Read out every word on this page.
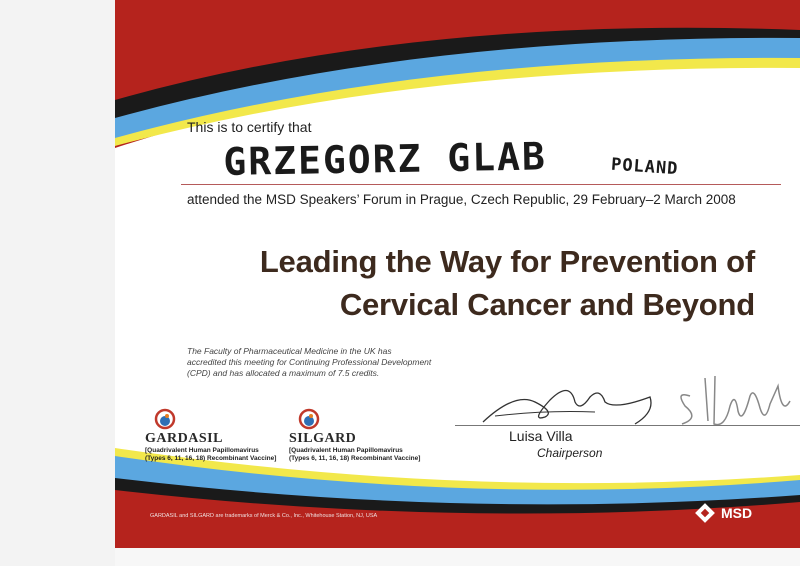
This is to certify that
GRZEGORZ GLAB	POLAND
attended the MSD Speakers’ Forum in Prague, Czech Republic, 29 February–2 March 2008
Leading the Way for Prevention of
Cervical Cancer and Beyond
The Faculty of Pharmaceutical Medicine in the UK has accredited this meeting for Continuing Professional Development (CPD) and has allocated a maximum of 7.5 credits.
GARDASIL
[Quadrivalent Human Papillomavirus
(Types 6, 11, 16, 18) Recombinant Vaccine]
SILGARD
[Quadrivalent Human Papillomavirus
(Types 6, 11, 16, 18) Recombinant Vaccine]
Luisa Villa
Chairperson
GARDASIL and SILGARD are trademarks of Merck & Co., Inc., Whitehouse Station, NJ, USA	MSD
